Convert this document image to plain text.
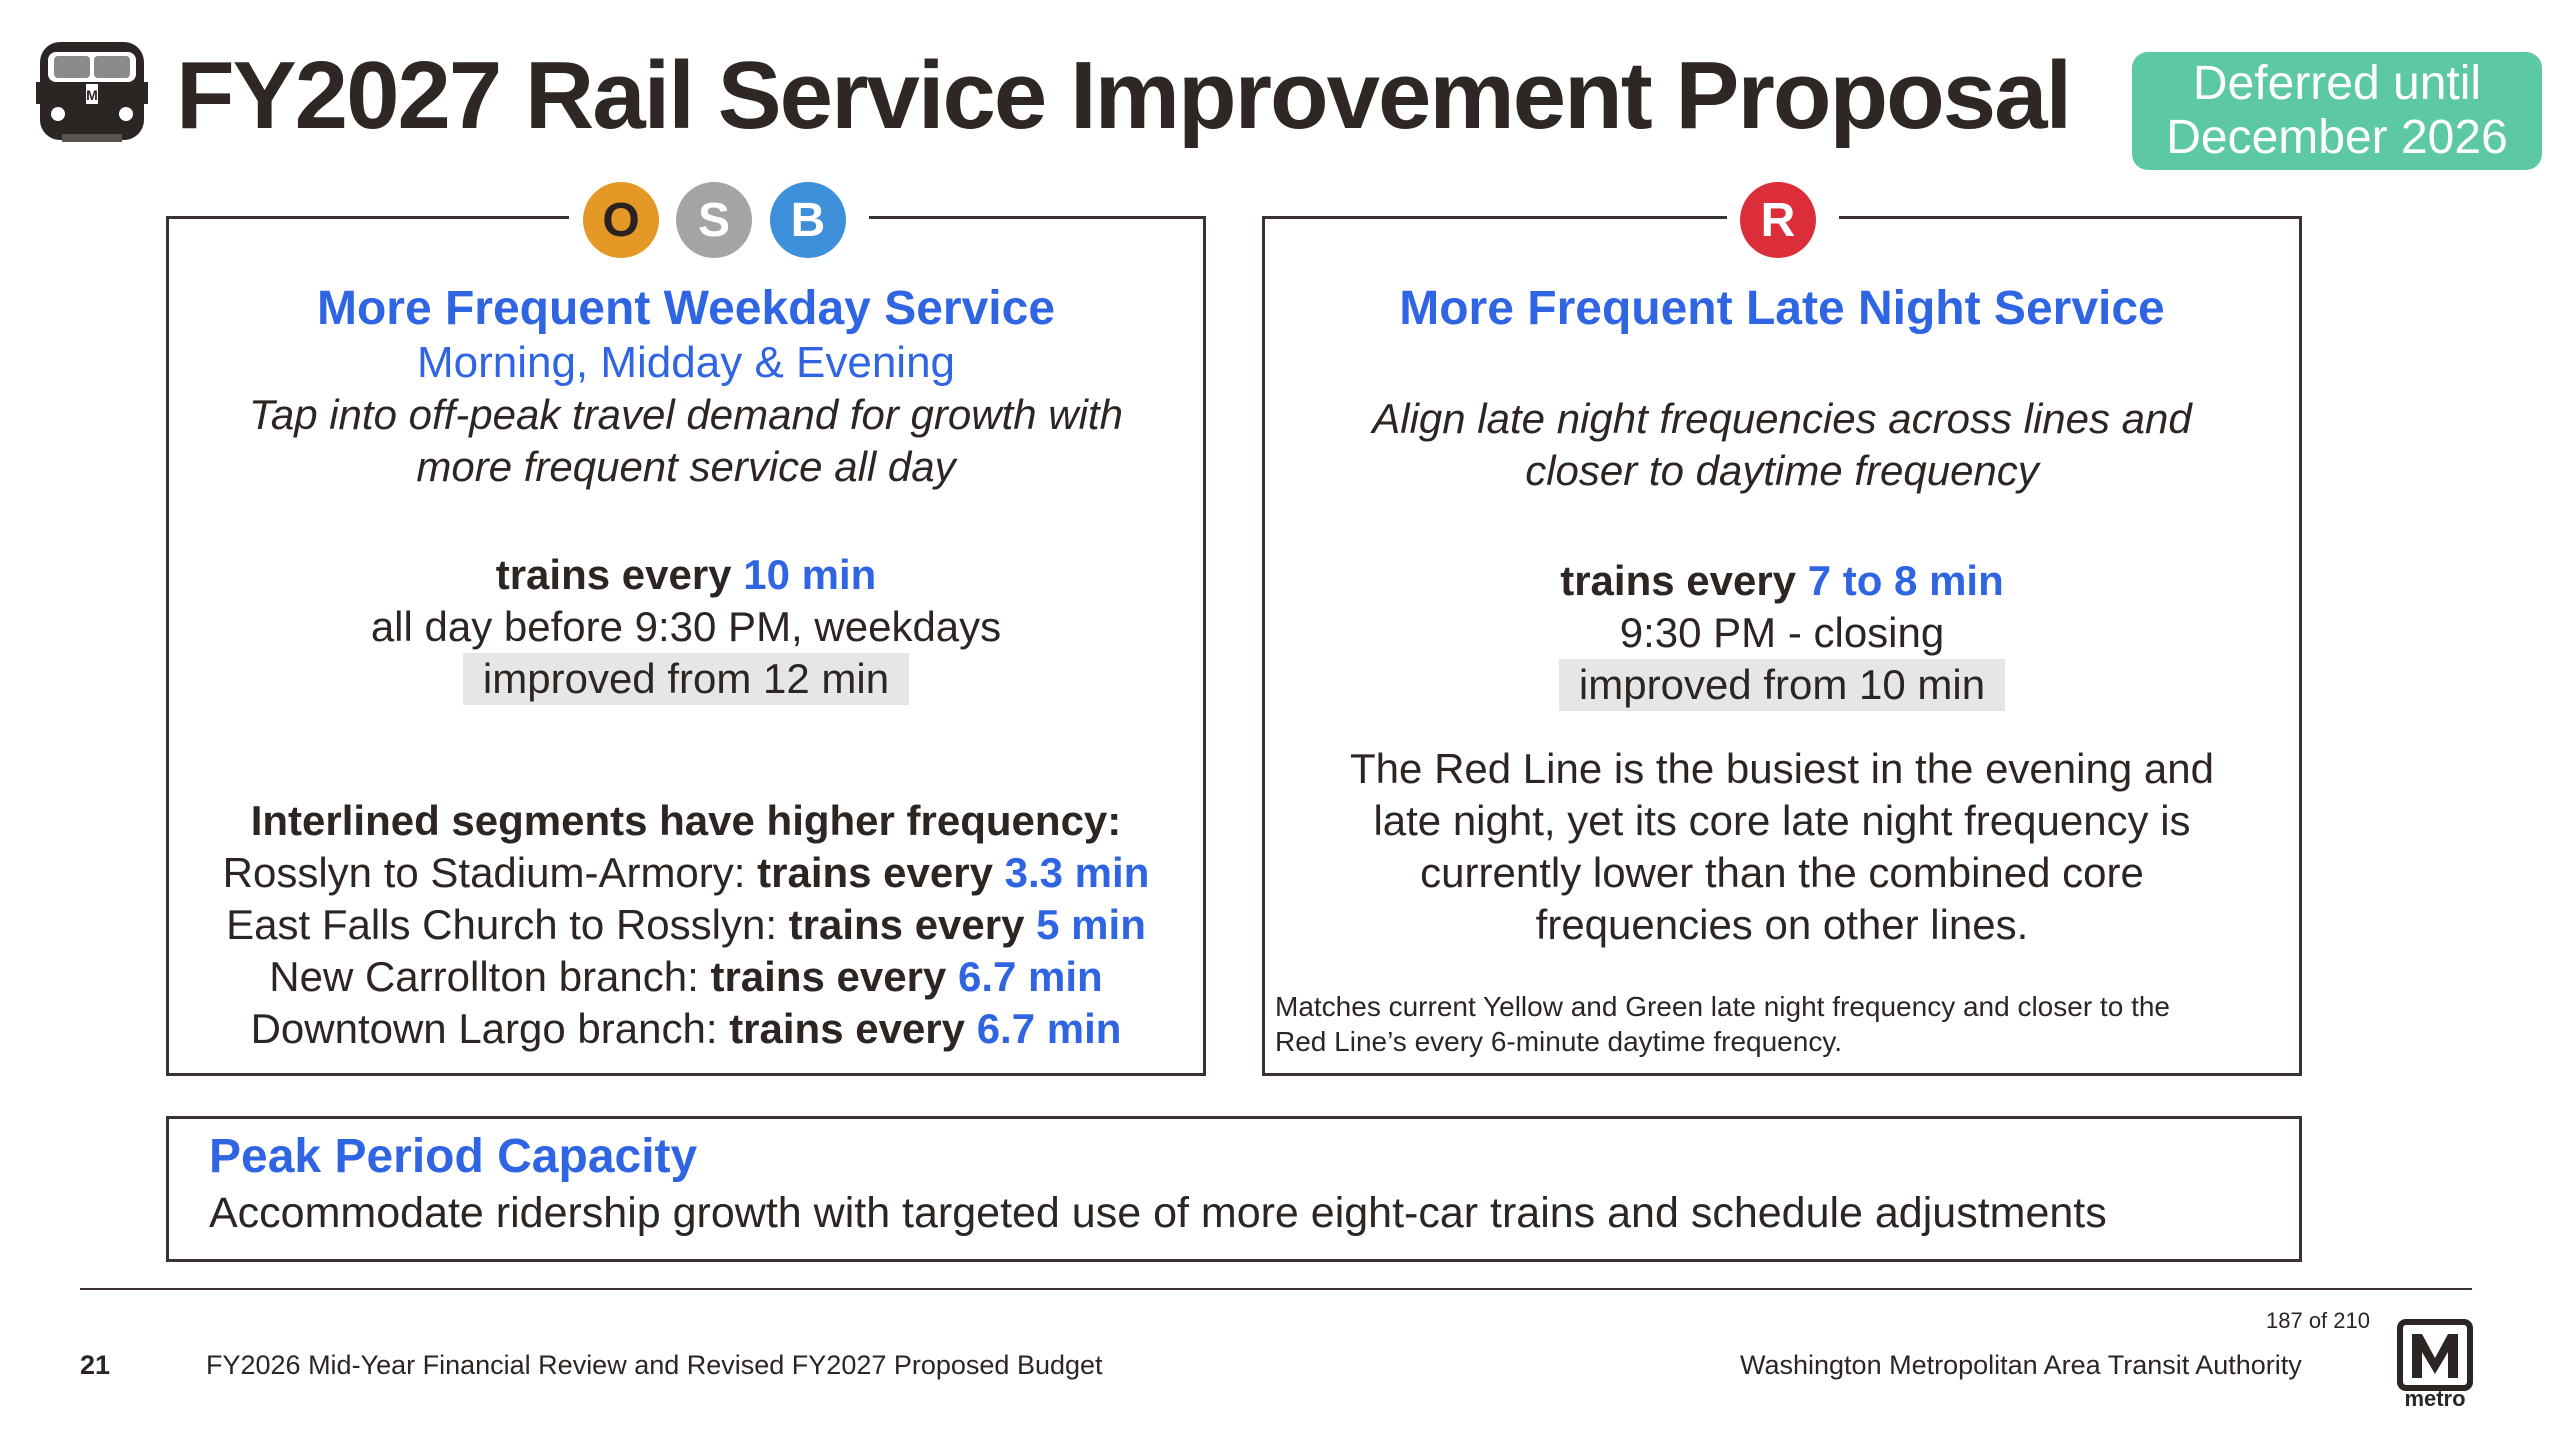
M FY2027 Rail Service Improvement Proposal	Deferred until
December 2026
More Frequent Weekday Service
Morning, Midday & Evening
Tap into off-peak travel demand for growth with
more frequent service all day
trains every 10 min
all day before 9:30 PM, weekdays
improved from 12 min
Interlined segments have higher frequency:
Rosslyn to Stadium-Armory: trains every 3.3 min
East Falls Church to Rosslyn: trains every 5 min
New Carrollton branch: trains every 6.7 min
Downtown Largo branch: trains every 6.7 min
O	S	B
More Frequent Late Night Service
Align late night frequencies across lines and
closer to daytime frequency
trains every 7 to 8 min
9:30 PM - closing
improved from 10 min
The Red Line is the busiest in the evening and
late night, yet its core late night frequency is
currently lower than the combined core
frequencies on other lines.
Matches current Yellow and Green late night frequency and closer to the
Red Line’s every 6-minute daytime frequency.
R
Peak Period Capacity
Accommodate ridership growth with targeted use of more eight-car trains and schedule adjustments
187 of 210
21	FY2026 Mid-Year Financial Review and Revised FY2027 Proposed Budget	Washington Metropolitan Area Transit Authority
metro
